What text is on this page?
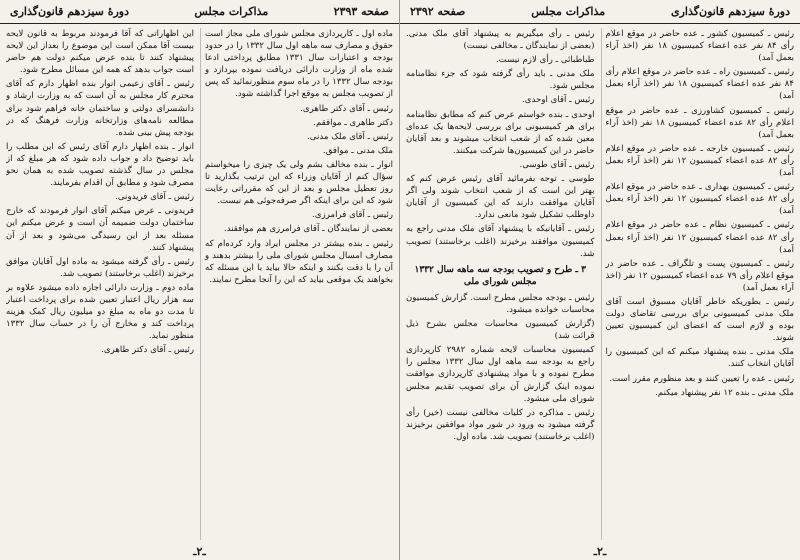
صفحه ۲۳۹۳
مذاکرات مجلس
دورهٔ سیزدهم قانون‌گذاری

ماده اول ـ کارپردازی مجلس شورای ملی مجاز است حقوق و مصارف سه ماهه اول سال ۱۳۳۲ را در حدود بودجه و اعتبارات سال ۱۳۳۱ مطابق پرداختی ادعا شده ماه از وزارت دارائی دریافت نموده بپردازد و بودجه سال ۱۳۳۲ را در ماه سوم منظورنمائید که پس از تصویب مجلس به موقع اجرا گذاشته شود.

رئیس ـ آقای دکتر طاهری.

دکتر طاهری ـ موافقم.

رئیس ـ آقای ملک مدنی.

ملک مدنی ـ موافق.

انوار ـ بنده مخالف بشم ولی یک چیزی را میخواستم سؤال کنم از آقایان وزراء که این ترتیب بگذارید تا روز تعطیل مجلس و بعد از این که مقرراتی رعایت شود که این برای اینکه اگر صرفه‌جوئی هم نیست.

رئیس ـ آقای فرامرزی.

بعضی از نمایندگان ـ آقای فرامرزی هم موافقند.

رئیس ـ بنده بیشتر در مجلس ایراد وارد کرده‌ام که مصارف امسال مجلس شورای ملی را بیشتر بدهند و آن را با دقت بکنند و اینکه حالا بیاید با این مسئله که بخواهند یک موقعی بیاید که این را آنجا مطرح نمایند.

این اظهاراتی که آقا فرمودند مربوط به قانون لایحه بیست آقا ممکن است این موضوع را بعداز این لایحه پیشنهاد کنند تا بنده عرض میکنم دولت هم حاضر است جواب بدهد که همه این مسائل مطرح شود.

رئیس ـ آقای زعیمی انوار بنده اظهار دارم که آقای محترم کار مجلس به آن است که به وزارت ارشاد و دانشسرای دولتی و ساختمان خانه فراهم شود برای مطالعه نامه‌های وزارتخانه وزارت فرهنگ که در بودجه پیش بینی شده.

انوار ـ بنده اظهار دارم آقای رئیس که این مطلب را باید توضیح داد و جواب داده شود که هر مبلغ که از مجلس در سال گذشته تصویب شده به همان نحو مصرف شود و مطابق آن اقدام بفرمایند.

رئیس ـ آقای فریدونی.

فریدونی ـ عرض میکنم آقای انوار فرمودند که خارج ساختمان دولت ضمیمه آن است و عرض میکنم این مسئله بعد از این رسیدگی می‌شود و بعد از آن پیشنهاد کنند.

رئیس ـ رأی گرفته میشود به ماده اول آقایان موافق برخیزند (اغلب برخاستند) تصویب شد.

ماده دوم ـ وزارت دارائی اجازه داده میشود علاوه بر سه هزار ریال اعتبار تعیین شده برای پرداخت اعتبار تا مدت دو ماه به مبلغ دو میلیون ریال کمک هزینه پرداخت کند و مخارج آن را در حساب سال ۱۳۳۲ منظور نماید.

رئیس ـ آقای دکتر طاهری.

ـ۲ـ
دورهٔ سیزدهم قانون‌گذاری
مذاکرات مجلس
صفحه ۲۳۹۲

رئیس ـ کمیسیون کشور ـ عده حاضر در موقع اعلام رأی ۸۴ نفر عده اعضاء کمیسیون ۱۸ نفر (اخذ آراء بعمل آمد)

رئیس ـ کمیسیون راه ـ عده حاضر در موقع اعلام رأی ۸۴ نفر عده اعضاء کمیسیون ۱۸ نفر (اخذ آراء بعمل آمد)

رئیس ـ کمیسیون کشاورزی ـ عده حاضر در موقع اعلام رأی ۸۲ عده اعضاء کمیسیون ۱۸ نفر (اخذ آراء بعمل آمد)

رئیس ـ کمیسیون خارجه ـ عده حاضر در موقع اعلام رأی ۸۲ عده اعضاء کمیسیون ۱۲ نفر (اخذ آراء بعمل آمد)

رئیس ـ کمیسیون بهداری ـ عده حاضر در موقع اعلام رأی ۸۲ عده اعضاء کمیسیون ۱۲ نفر (اخذ آراء بعمل آمد)

رئیس ـ کمیسیون نظام ـ عده حاضر در موقع اعلام رأی ۸۲ عده اعضاء کمیسیون ۱۲ نفر (اخذ آراء بعمل آمد)

رئیس ـ کمیسیون پست و تلگراف ـ عده حاضر در موقع اعلام رأی ۷۹ عده اعضاء کمیسیون ۱۲ نفر (اخذ آراء بعمل آمد)

رئیس ـ بطوریکه خاطر آقایان مسبوق است آقای ملک مدنی کمیسیونی برای بررسی تقاضای دولت بوده و لازم است که اعضای این کمیسیون تعیین شوند.

ملک مدنی ـ بنده پیشنهاد میکنم که این کمیسیون را آقایان انتخاب کنند.

رئیس ـ عده را تعیین کنند و بعد منظورم مقرر است.

ملک مدنی ـ بنده ۱۲ نفر پیشنهاد میکنم.

رئیس ـ رأی میگیریم به پیشنهاد آقای ملک مدنی. (بعضی از نمایندگان ـ مخالفی نیست)

طباطبائی ـ رأی لازم نیست.

ملک مدنی ـ باید رأی گرفته شود که جزء نظامنامه مجلس شود.

رئیس ـ آقای اوحدی.

اوحدی ـ بنده خواستم عرض کنم که مطابق نظامنامه برای هر کمیسیونی برای بررسی لایحه‌ها یک عده‌ای معین شده که از شعب انتخاب میشوند و بعد آقایان حاضر در این کمیسیون‌ها شرکت میکنند.

رئیس ـ آقای طوسی.

طوسی ـ توجه بفرمائید آقای رئیس عرض کنم که بهتر این است که از شعب انتخاب شوند ولی اگر آقایان موافقت دارند که این کمیسیون از آقایان داوطلب تشکیل شود مانعی ندارد.

رئیس ـ آقایانیکه با پیشنهاد آقای ملک مدنی راجع به کمیسیون موافقند برخیزند (اغلب برخاستند) تصویب شد.

۳ ـ طرح و تصویب بودجه سه ماهه سال ۱۳۳۲ مجلس شورای ملی

رئیس ـ بودجه مجلس مطرح است. گزارش کمیسیون محاسبات خوانده میشود.

(گزارش کمیسیون محاسبات مجلس بشرح ذیل قرائت شد)

کمیسیون محاسبات لایحه شماره ۲۹۸۲ کارپردازی راجع به بودجه سه ماهه اول سال ۱۳۳۲ مجلس را مطرح نموده و با مواد پیشنهادی کارپردازی موافقت نموده اینک گزارش آن برای تصویب تقدیم مجلس شورای ملی میشود.

رئیس ـ مذاکره در کلیات مخالفی نیست (خیر) رأی گرفته میشود به ورود در شور مواد موافقین برخیزند (اغلب برخاستند) تصویب شد. ماده اول.

ـ۲ـ
